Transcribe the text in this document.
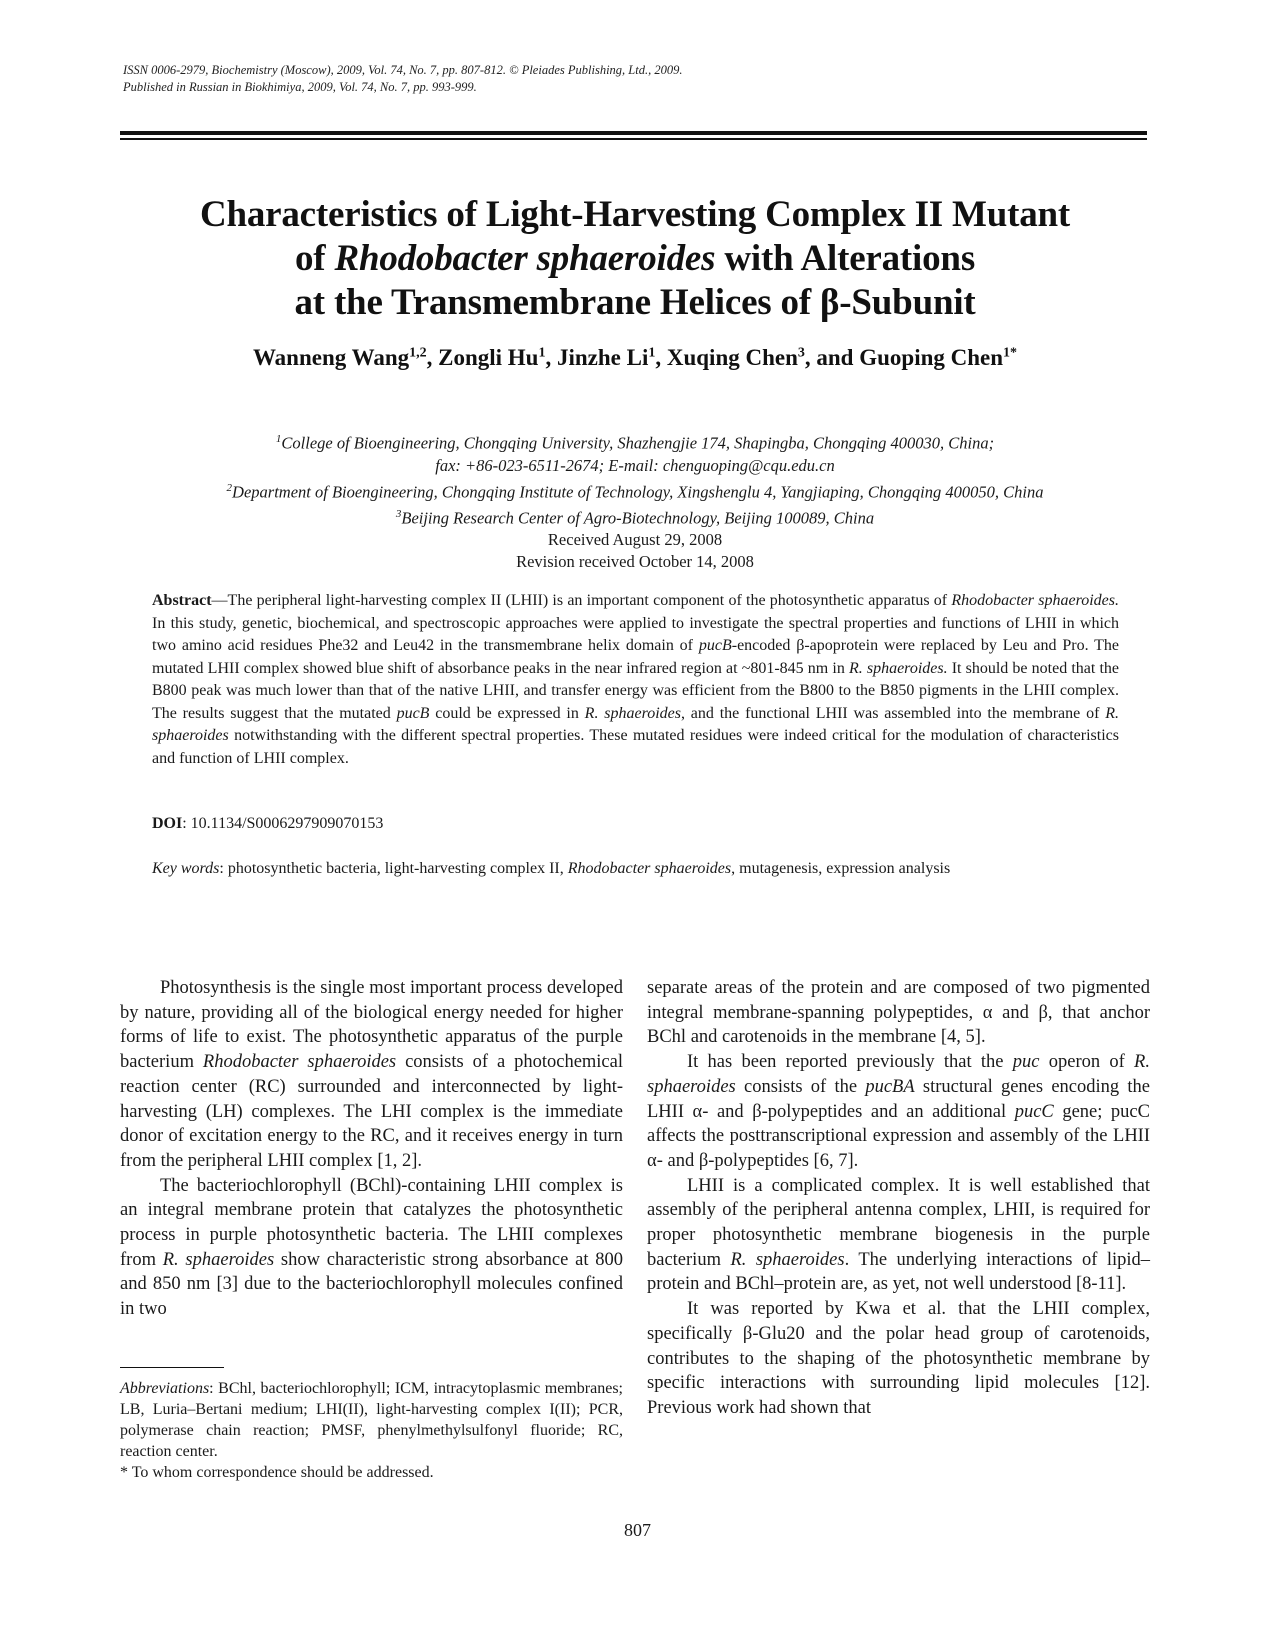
ISSN 0006-2979, Biochemistry (Moscow), 2009, Vol. 74, No. 7, pp. 807-812. © Pleiades Publishing, Ltd., 2009.
Published in Russian in Biokhimiya, 2009, Vol. 74, No. 7, pp. 993-999.
Characteristics of Light-Harvesting Complex II Mutant
of Rhodobacter sphaeroides with Alterations
at the Transmembrane Helices of β-Subunit
Wanneng Wang$^{1,2}$, Zongli Hu$^1$, Jinzhe Li$^1$, Xuqing Chen$^3$, and Guoping Chen$^{1*}$
$^1$College of Bioengineering, Chongqing University, Shazhengjie 174, Shapingba, Chongqing 400030, China;
fax: +86-023-6511-2674; E-mail: chenguoping@cqu.edu.cn
$^2$Department of Bioengineering, Chongqing Institute of Technology, Xingshenglu 4, Yangjiaping, Chongqing 400050, China
$^3$Beijing Research Center of Agro-Biotechnology, Beijing 100089, China
Received August 29, 2008
Revision received October 14, 2008
Abstract—The peripheral light-harvesting complex II (LHII) is an important component of the photosynthetic apparatus of Rhodobacter sphaeroides. In this study, genetic, biochemical, and spectroscopic approaches were applied to investigate the spectral properties and functions of LHII in which two amino acid residues Phe32 and Leu42 in the transmembrane helix domain of pucB-encoded β-apoprotein were replaced by Leu and Pro. The mutated LHII complex showed blue shift of absorbance peaks in the near infrared region at ~801-845 nm in R. sphaeroides. It should be noted that the B800 peak was much lower than that of the native LHII, and transfer energy was efficient from the B800 to the B850 pigments in the LHII complex. The results suggest that the mutated pucB could be expressed in R. sphaeroides, and the functional LHII was assembled into the membrane of R. sphaeroides notwithstanding with the different spectral properties. These mutated residues were indeed critical for the modulation of characteristics and function of LHII complex.
DOI: 10.1134/S0006297909070153
Key words: photosynthetic bacteria, light-harvesting complex II, Rhodobacter sphaeroides, mutagenesis, expression analysis

Photosynthesis is the single most important process developed by nature, providing all of the biological energy needed for higher forms of life to exist. The photosynthetic apparatus of the purple bacterium Rhodobacter sphaeroides consists of a photochemical reaction center (RC) surrounded and interconnected by light-harvesting (LH) complexes. The LHI complex is the immediate donor of excitation energy to the RC, and it receives energy in turn from the peripheral LHII complex [1, 2].

The bacteriochlorophyll (BChl)-containing LHII complex is an integral membrane protein that catalyzes the photosynthetic process in purple photosynthetic bacteria. The LHII complexes from R. sphaeroides show characteristic strong absorbance at 800 and 850 nm [3] due to the bacteriochlorophyll molecules confined in two

Abbreviations: BChl, bacteriochlorophyll; ICM, intracytoplasmic membranes; LB, Luria–Bertani medium; LHI(II), light-harvesting complex I(II); PCR, polymerase chain reaction; PMSF, phenylmethylsulfonyl fluoride; RC, reaction center.
* To whom correspondence should be addressed.

separate areas of the protein and are composed of two pigmented integral membrane-spanning polypeptides, α and β, that anchor BChl and carotenoids in the membrane [4, 5].

It has been reported previously that the puc operon of R. sphaeroides consists of the pucBA structural genes encoding the LHII α- and β-polypeptides and an additional pucC gene; pucC affects the posttranscriptional expression and assembly of the LHII α- and β-polypeptides [6, 7].

LHII is a complicated complex. It is well established that assembly of the peripheral antenna complex, LHII, is required for proper photosynthetic membrane biogenesis in the purple bacterium R. sphaeroides. The underlying interactions of lipid–protein and BChl–protein are, as yet, not well understood [8-11].

It was reported by Kwa et al. that the LHII complex, specifically β-Glu20 and the polar head group of carotenoids, contributes to the shaping of the photosynthetic membrane by specific interactions with surrounding lipid molecules [12]. Previous work had shown that

807
